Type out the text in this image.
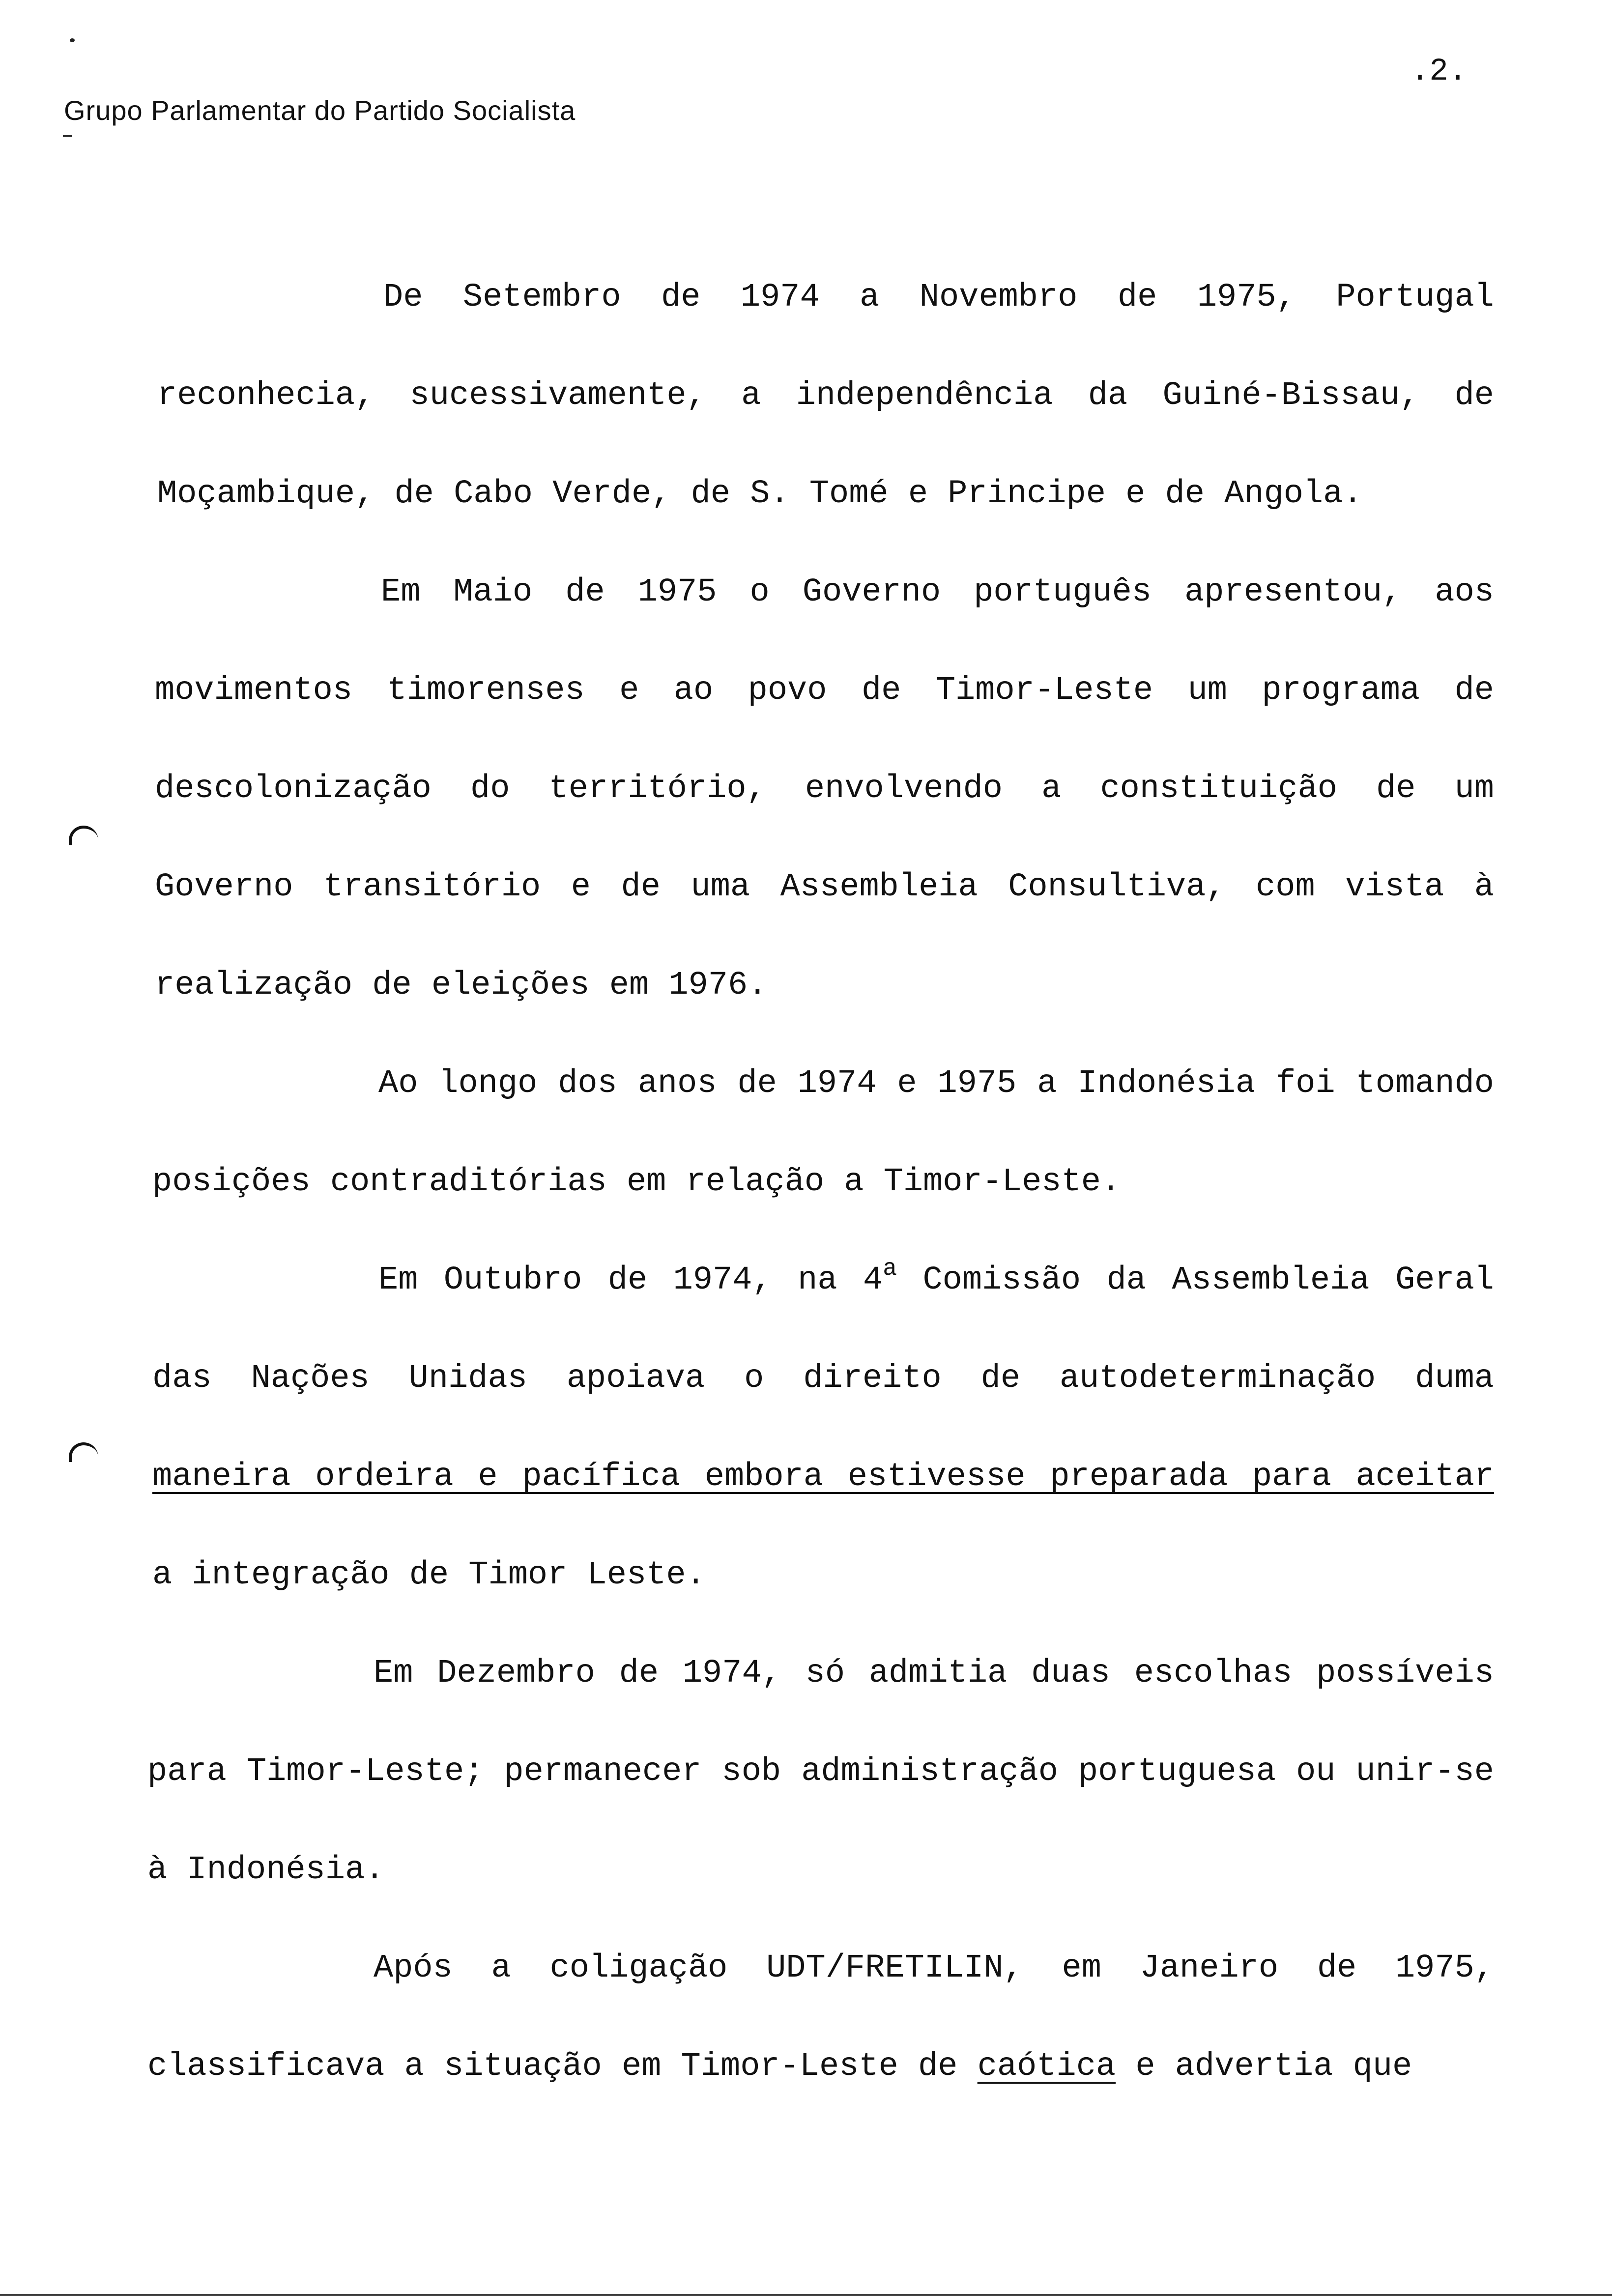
Grupo Parlamentar do Partido Socialista
.2.

De Setembro de 1974 a Novembro de 1975, Portugal reconhecia, sucessivamente, a independência da Guiné-Bissau, de Moçambique, de Cabo Verde, de S. Tomé e Principe e de Angola.

Em Maio de 1975 o Governo português apresentou, aos movimentos timorenses e ao povo de Timor-Leste um programa de descolonização do território, envolvendo a constituição de um Governo transitório e de uma Assembleia Consultiva, com vista à realização de eleições em 1976.

Ao longo dos anos de 1974 e 1975 a Indonésia foi tomando posições contraditórias em relação a Timor-Leste.

Em Outubro de 1974, na 4$^a$ Comissão da Assembleia Geral das Nações Unidas apoiava o direito de autodeterminação duma maneira ordeira e pacífica embora estivesse preparada para aceitar a integração de Timor Leste.

Em Dezembro de 1974, só admitia duas escolhas possíveis para Timor-Leste; permanecer sob administração portuguesa ou unir-se à Indonésia.

Após a coligação UDT/FRETILIN, em Janeiro de 1975, classificava a situação em Timor-Leste de caótica e advertia que
